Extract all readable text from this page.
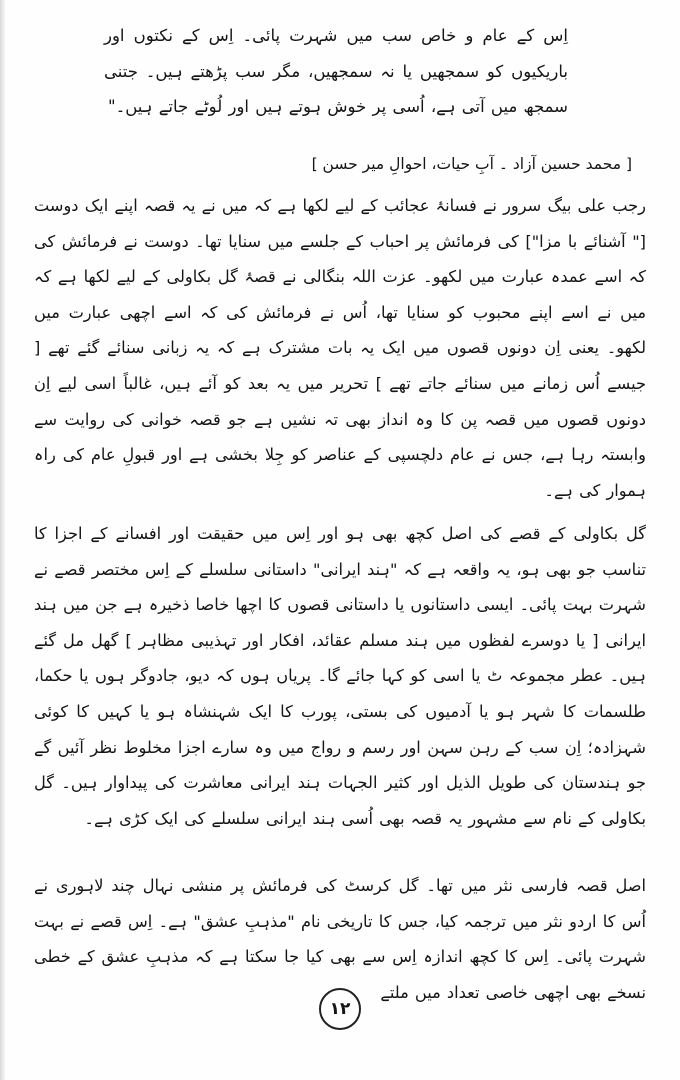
اِس کے عام و خاص سب میں شہرت پائی۔ اِس کے نکتوں اور باریکیوں کو سمجھیں یا نہ سمجھیں، مگر سب پڑھتے ہیں۔ جتنی سمجھ میں آتی ہے، اُسی پر خوش ہوتے ہیں اور لُوٹے جاتے ہیں۔"
[ محمد حسین آزاد ۔ آبِ حیات، احوالِ میر حسن ]
رجب علی بیگ سرور نے فسانۂ عجائب کے لیے لکھا ہے کہ میں نے یہ قصہ اپنے ایک دوست [" آشنائے با مزا"] کی فرمائش پر احباب کے جلسے میں سنایا تھا۔ دوست نے فرمائش کی کہ اسے عمدہ عبارت میں لکھو۔ عزت اللہ بنگالی نے قصۂ گل بکاولی کے لیے لکھا ہے کہ میں نے اسے اپنے محبوب کو سنایا تھا، اُس نے فرمائش کی کہ اسے اچھی عبارت میں لکھو۔ یعنی اِن دونوں قصوں میں ایک یہ بات مشترک ہے کہ یہ زبانی سنائے گئے تھے [ جیسے اُس زمانے میں سنائے جاتے تھے ] تحریر میں یہ بعد کو آئے ہیں، غالباً اسی لیے اِن دونوں قصوں میں قصہ پن کا وہ انداز بھی تہ نشیں ہے جو قصہ خوانی کی روایت سے وابستہ رہا ہے، جس نے عام دلچسپی کے عناصر کو جِلا بخشی ہے اور قبولِ عام کی راہ ہموار کی ہے۔
گل بکاولی کے قصے کی اصل کچھ بھی ہو اور اِس میں حقیقت اور افسانے کے اجزا کا تناسب جو بھی ہو، یہ واقعہ ہے کہ "ہند ایرانی" داستانی سلسلے کے اِس مختصر قصے نے شہرت بہت پائی۔ ایسی داستانوں یا داستانی قصوں کا اچھا خاصا ذخیرہ ہے جن میں ہند ایرانی [ یا دوسرے لفظوں میں ہند مسلم عقائد، افکار اور تہذیبی مظاہر ] گھل مل گئے ہیں۔ عطر مجموعہ ٹ یا اسی کو کہا جائے گا۔ پریاں ہوں کہ دیو، جادوگر ہوں یا حکما، طلسمات کا شہر ہو یا آدمیوں کی بستی، پورب کا ایک شہنشاہ ہو یا کہیں کا کوئی شہزادہ؛ اِن سب کے رہن سہن اور رسم و رواج میں وہ سارے اجزا مخلوط نظر آئیں گے جو ہندستان کی طویل الذیل اور کثیر الجہات ہند ایرانی معاشرت کی پیداوار ہیں۔ گل بکاولی کے نام سے مشہور یہ قصہ بھی اُسی ہند ایرانی سلسلے کی ایک کڑی ہے۔
اصل قصہ فارسی نثر میں تھا۔ گل کرسٹ کی فرمائش پر منشی نہال چند لاہوری نے اُس کا اردو نثر میں ترجمہ کیا، جس کا تاریخی نام "مذہبِ عشق" ہے۔ اِس قصے نے بہت شہرت پائی۔ اِس کا کچھ اندازہ اِس سے بھی کیا جا سکتا ہے کہ مذہبِ عشق کے خطی نسخے بھی اچھی خاصی تعداد میں ملتے
۱۲
